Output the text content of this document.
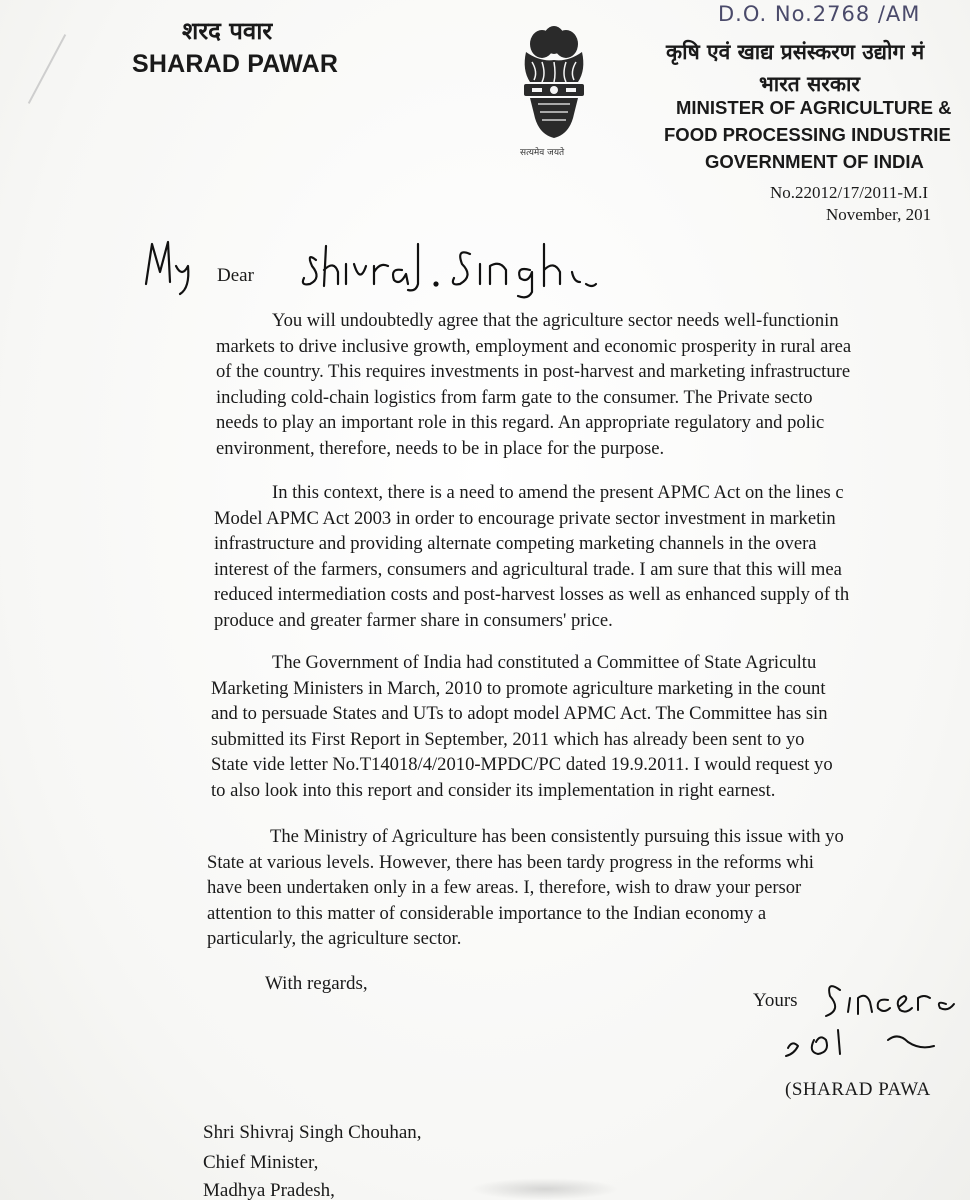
शरद पवार
SHARAD PAWAR
सत्यमेव जयते
D.O. No.2768 /AM
कृषि एवं खाद्य प्रसंस्करण उद्योग मं
भारत सरकार
MINISTER OF AGRICULTURE &
FOOD PROCESSING INDUSTRIE
GOVERNMENT OF INDIA
No.22012/17/2011-M.I
November, 201
Dear
You will undoubtedly agree that the agriculture sector needs well-functionin
markets to drive inclusive growth, employment and economic prosperity in rural area
of the country. This requires investments in post-harvest and marketing infrastructure
including cold-chain logistics from farm gate to the consumer. The Private secto
needs to play an important role in this regard. An appropriate regulatory and polic
environment, therefore, needs to be in place for the purpose.
In this context, there is a need to amend the present APMC Act on the lines c
Model APMC Act 2003 in order to encourage private sector investment in marketin
infrastructure and providing alternate competing marketing channels in the overa
interest of the farmers, consumers and agricultural trade. I am sure that this will mea
reduced intermediation costs and post-harvest losses as well as enhanced supply of th
produce and greater farmer share in consumers' price.
The Government of India had constituted a Committee of State Agricultu
Marketing Ministers in March, 2010 to promote agriculture marketing in the count
and to persuade States and UTs to adopt model APMC Act. The Committee has sin
submitted its First Report in September, 2011 which has already been sent to yo
State vide letter No.T14018/4/2010-MPDC/PC dated 19.9.2011. I would request yo
to also look into this report and consider its implementation in right earnest.
The Ministry of Agriculture has been consistently pursuing this issue with yo
State at various levels. However, there has been tardy progress in the reforms whi
have been undertaken only in a few areas. I, therefore, wish to draw your persor
attention to this matter of considerable importance to the Indian economy a
particularly, the agriculture sector.
With regards,
Yours
(SHARAD PAWA
Shri Shivraj Singh Chouhan,
Chief Minister,
Madhya Pradesh,
